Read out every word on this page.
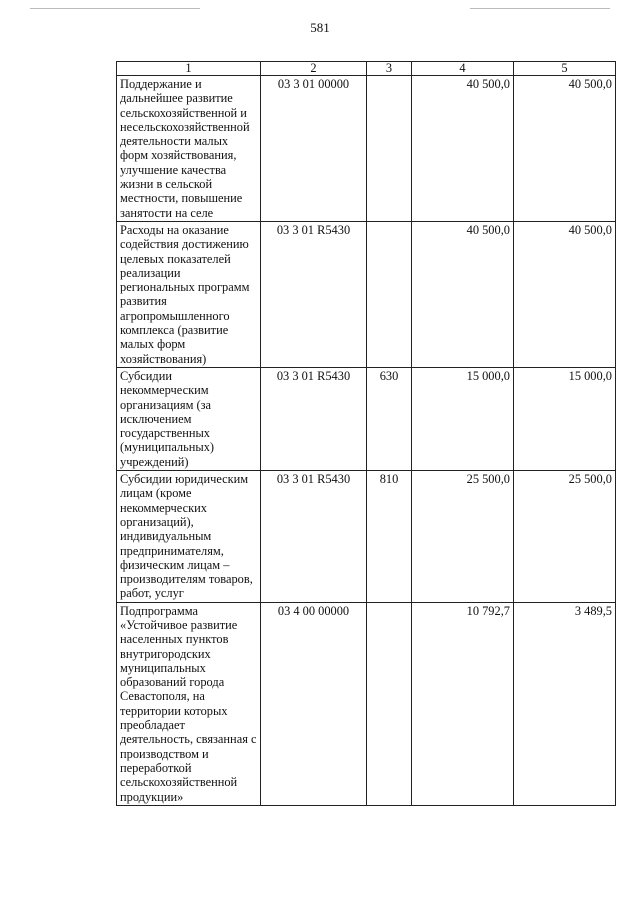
581
1	2	3	4	5
Поддержание и дальнейшее развитие сельскохозяйственной и несельскохозяйственной деятельности малых форм хозяйствования, улучшение качества жизни в сельской местности, повышение занятости на селе	03 3 01 00000		40 500,0	40 500,0
Расходы на оказание содействия достижению целевых показателей реализации региональных программ развития агропромышленного комплекса (развитие малых форм хозяйствования)	03 3 01 R5430		40 500,0	40 500,0
Субсидии некоммерческим организациям (за исключением государственных (муниципальных) учреждений)	03 3 01 R5430	630	15 000,0	15 000,0
Субсидии юридическим лицам (кроме некоммерческих организаций), индивидуальным предпринимателям, физическим лицам – производителям товаров, работ, услуг	03 3 01 R5430	810	25 500,0	25 500,0
Подпрограмма «Устойчивое развитие населенных пунктов внутригородских муниципальных образований города Севастополя, на территории которых преобладает деятельность, связанная с производством и переработкой сельскохозяйственной продукции»	03 4 00 00000		10 792,7	3 489,5
